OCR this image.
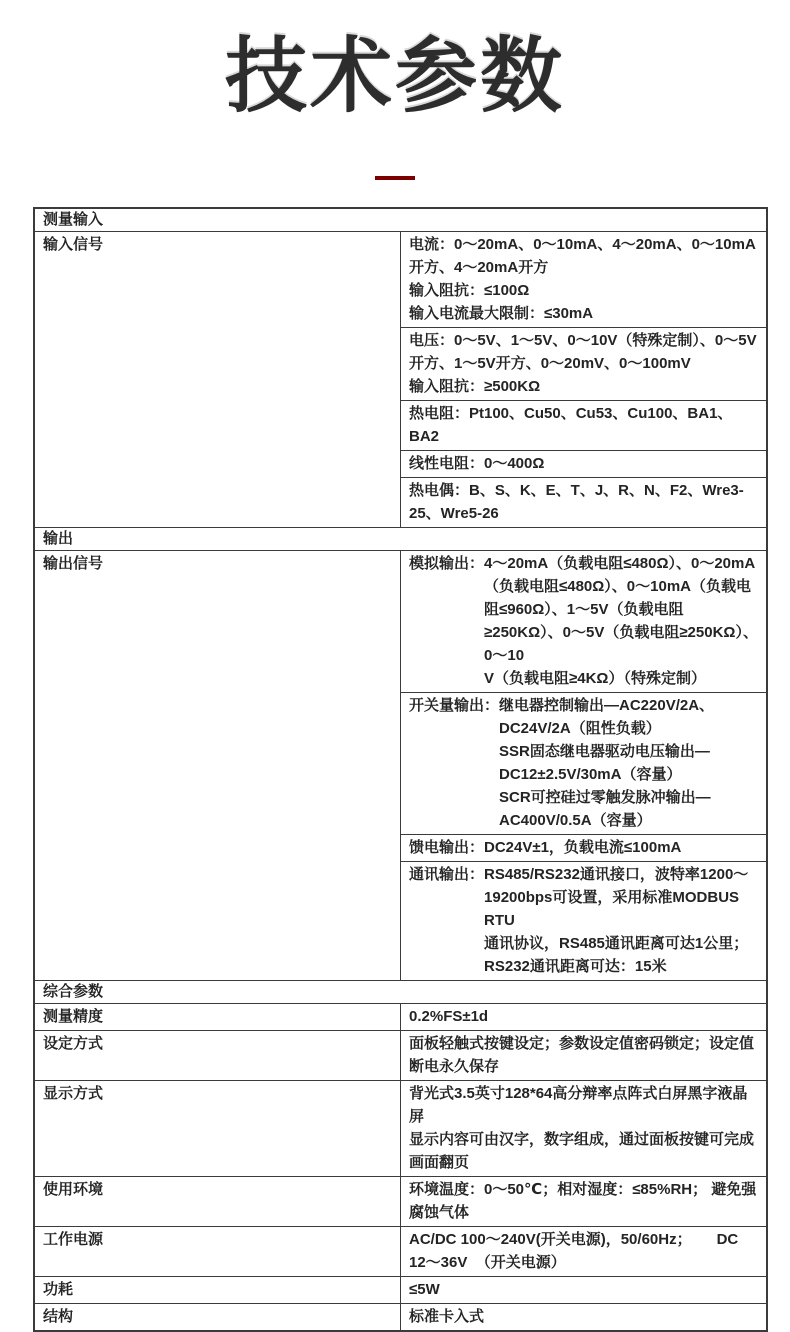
技术参数
测量输入	
输入信号	电流：0～20mA、0～10mA、4～20mA、0～10mA开方、4～20mA开方
输入阻抗：≤100Ω
输入电流最大限制：≤30mA

	电压：0～5V、1～5V、0～10V（特殊定制）、0～5V开方、1～5V开方、0～20mV、0～100mV
输入阻抗：≥500KΩ

	热电阻：Pt100、Cu50、Cu53、Cu100、BA1、BA2

	线性电阻：0～400Ω

	热电偶：B、S、K、E、T、J、R、N、F2、Wre3-25、Wre5-26

输出	
输出信号	模拟输出： 4～20mA（负载电阻≤480Ω）、0～20mA（负载电阻≤480Ω）、0～10mA（负载电
阻≤960Ω）、1～5V（负载电阻≥250KΩ）、0～5V（负载电阻≥250KΩ）、0～10
V（负载电阻≥4KΩ）（特殊定制）

	开关量输出： 继电器控制输出—AC220V/2A、DC24V/2A（阻性负载）
SSR固态继电器驱动电压输出—DC12±2.5V/30mA（容量）
SCR可控硅过零触发脉冲输出—AC400V/0.5A（容量）

	馈电输出：DC24V±1，负载电流≤100mA

	通讯输出： RS485/RS232通讯接口，波特率1200～19200bps可设置，采用标准MODBUS RTU
通讯协议，RS485通讯距离可达1公里；RS232通讯距离可达：15米

综合参数	
测量精度	0.2%FS±1d

设定方式	面板轻触式按键设定；参数设定值密码锁定；设定值断电永久保存

显示方式	背光式3.5英寸128*64高分辩率点阵式白屏黑字液晶屏
显示内容可由汉字，数字组成，通过面板按键可完成画面翻页

使用环境	环境温度：0～50℃；相对湿度：≤85%RH； 避免强腐蚀气体

工作电源	AC/DC 100～240V(开关电源)，50/60Hz；      DC 12～36V  （开关电源）

功耗	≤5W

结构	标准卡入式
